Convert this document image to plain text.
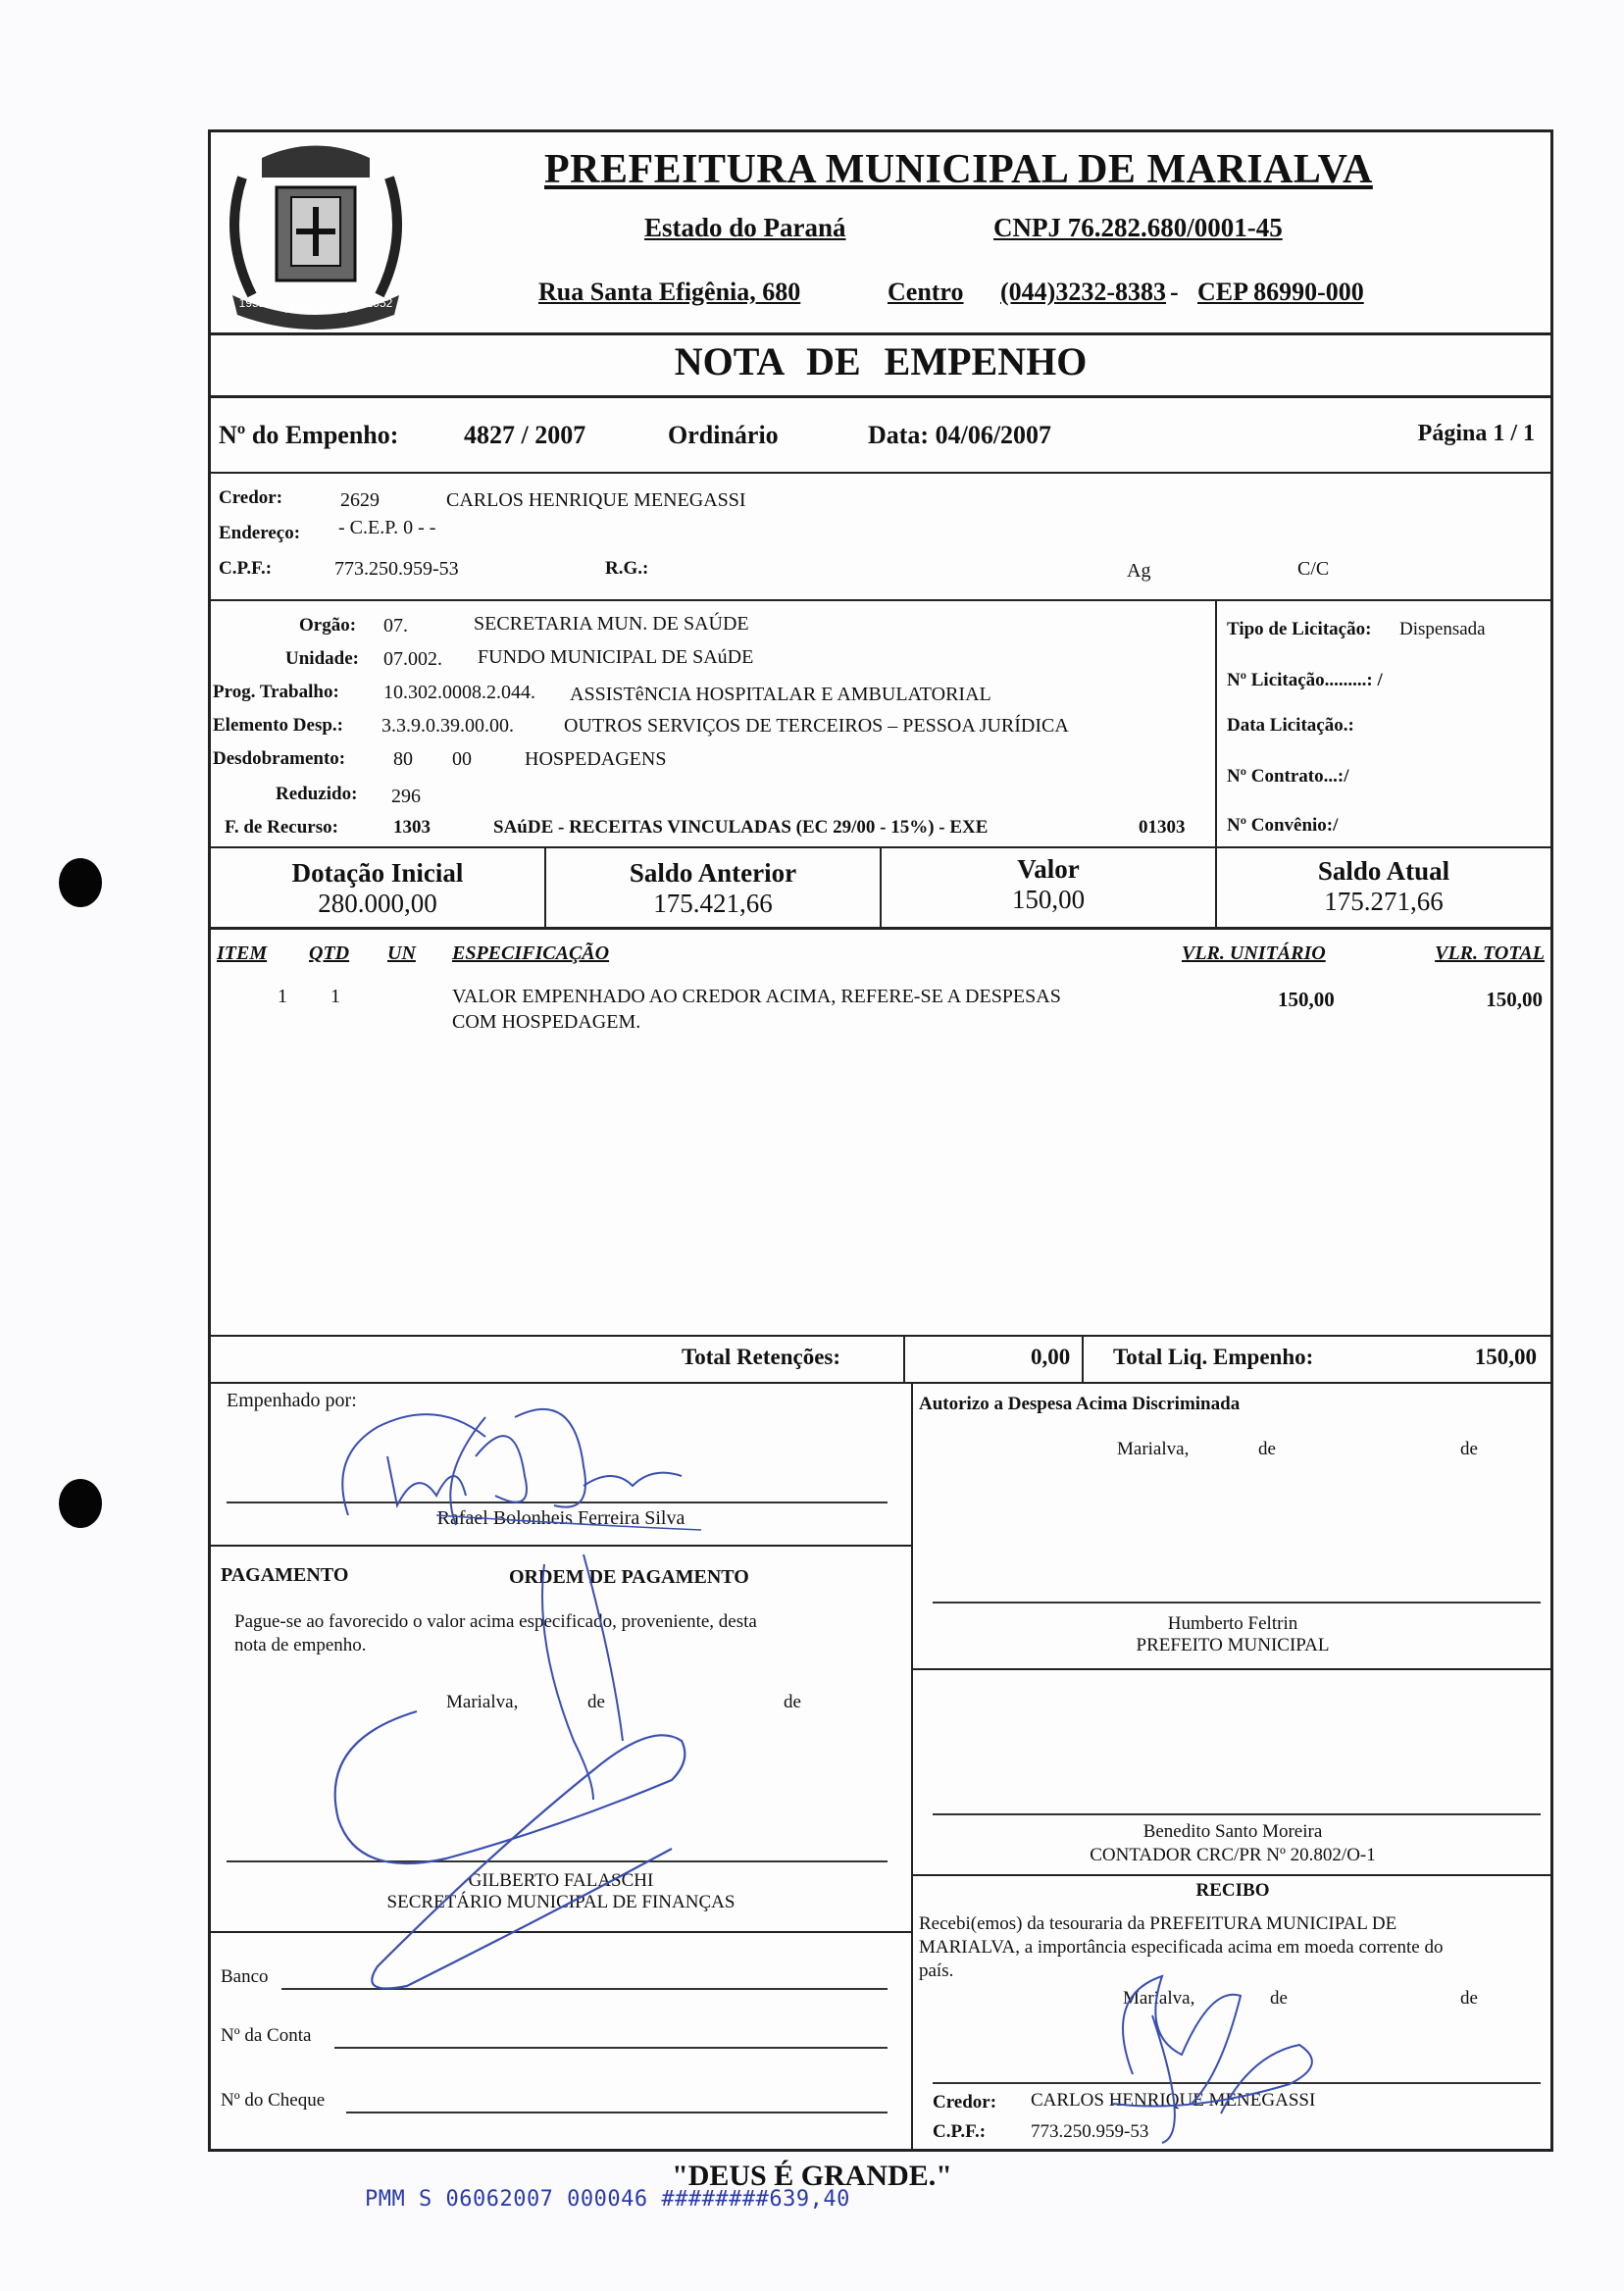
MARIALVA
1951	1952
PREFEITURA MUNICIPAL DE MARIALVA
Estado do Paraná	CNPJ 76.282.680/0001-45
Rua Santa Efigênia, 680	Centro (044)3232-8383 - CEP 86990-000
NOTA DE EMPENHO
Nº do Empenho:	4827 / 2007	Ordinário	Data: 04/06/2007	Página 1 / 1
Credor:	2629	CARLOS HENRIQUE MENEGASSI
Endereço: - C.E.P. 0 - -
C.P.F.:	773.250.959-53	R.G.:	Ag	C/C
Orgão: 07.	SECRETARIA MUN. DE SAÚDE
Unidade: 07.002. FUNDO MUNICIPAL DE SAúDE
Prog. Trabalho: 10.302.0008.2.044. ASSISTêNCIA HOSPITALAR E AMBULATORIAL
Elemento Desp.: 3.3.9.0.39.00.00.	OUTROS SERVIÇOS DE TERCEIROS – PESSOA JURÍDICA
Desdobramento: 80 00	HOSPEDAGENS
Reduzido: 296
F. de Recurso:	1303	SAúDE - RECEITAS VINCULADAS (EC 29/00 - 15%) - EXE	01303
Tipo de Licitação: Dispensada
Nº Licitação.........: /
Data Licitação.:
Nº Contrato...:/
Nº Convênio:/
Dotação Inicial
280.000,00
Saldo Anterior
175.421,66
Valor
150,00
Saldo Atual
175.271,66
ITEM QTD UN ESPECIFICAÇÃO	VLR. UNITÁRIO	VLR. TOTAL
1 1	VALOR EMPENHADO AO CREDOR ACIMA, REFERE-SE A DESPESAS
COM HOSPEDAGEM.
150,00	150,00
Total Retenções:	0,00 Total Liq. Empenho:	150,00
Empenhado por:
Rafael Bolonheis Ferreira Silva
PAGAMENTO	ORDEM DE PAGAMENTO
Pague-se ao favorecido o valor acima especificado, proveniente, desta
nota de empenho.
Marialva,	de	de
GILBERTO FALASCHI
SECRETÁRIO MUNICIPAL DE FINANÇAS
Banco
Nº da Conta
Nº do Cheque
Autorizo a Despesa Acima Discriminada
Marialva,	de	de
Humberto Feltrin
PREFEITO MUNICIPAL
Benedito Santo Moreira
CONTADOR CRC/PR Nº 20.802/O-1
RECIBO
Recebi(emos) da tesouraria da PREFEITURA MUNICIPAL DE
MARIALVA, a importância especificada acima em moeda corrente do
país.
Marialva,	de	de
Credor: CARLOS HENRIQUE MENEGASSI
C.P.F.: 773.250.959-53
"DEUS É GRANDE."
PMM S 06062007 000046 ########639,40
